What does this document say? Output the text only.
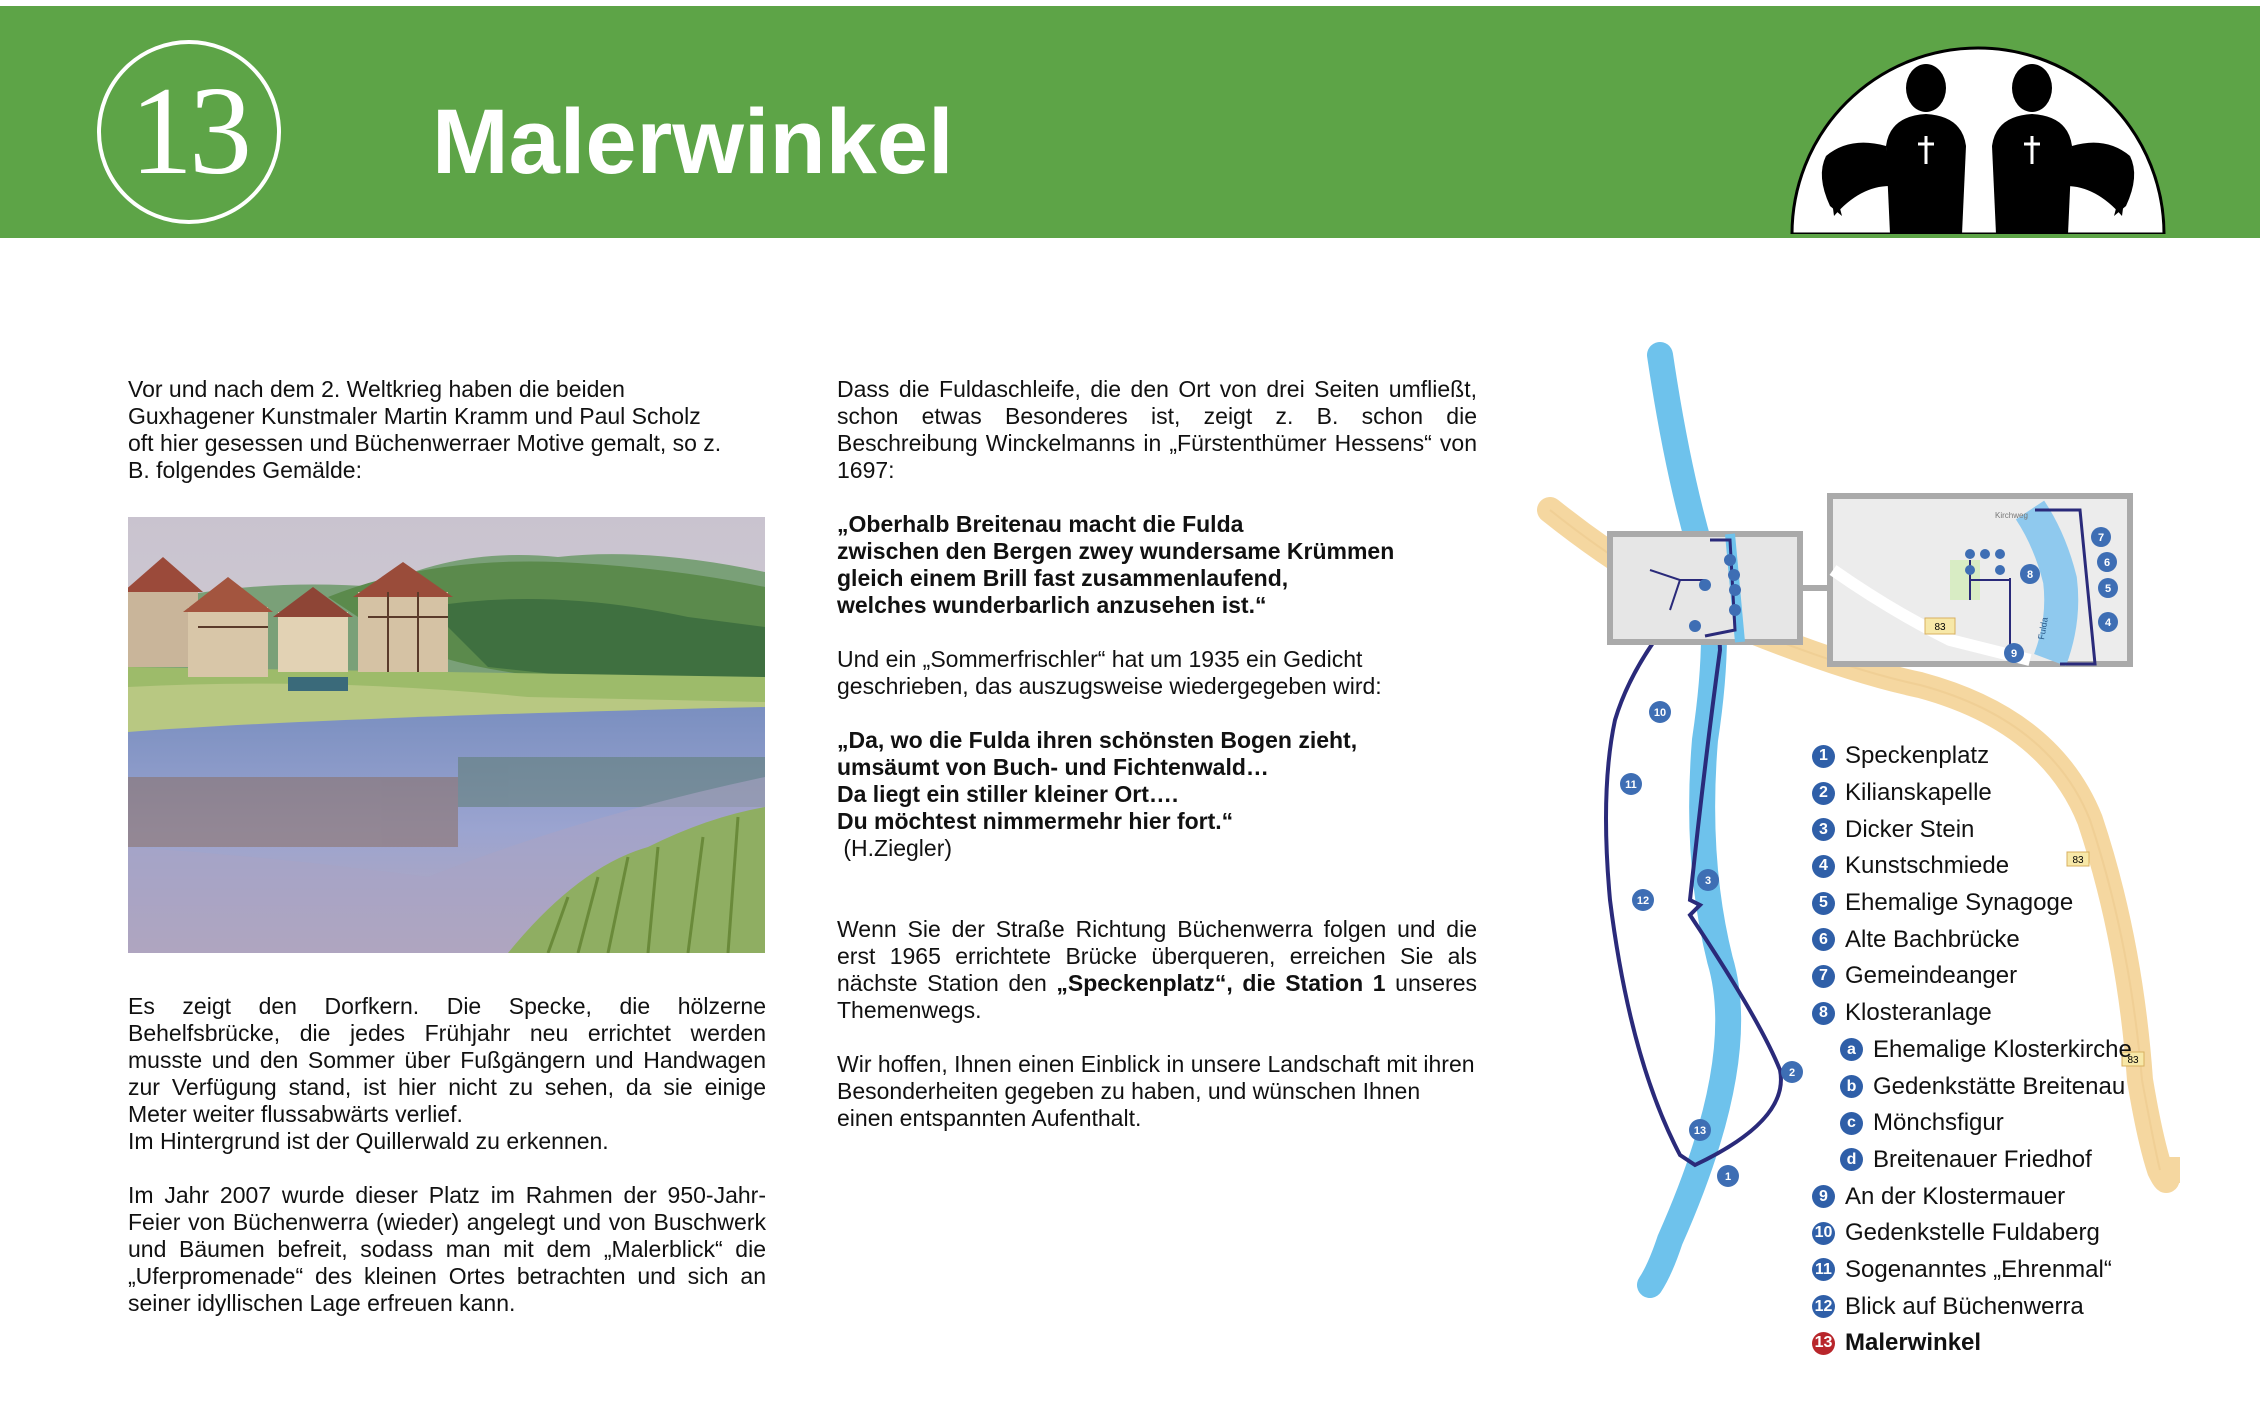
13	Malerwinkel

Vor und nach dem 2. Weltkrieg haben die beiden Guxhagener Kunstmaler Martin Kramm und Paul Scholz oft hier gesessen und Büchenwerraer Motive gemalt, so z. B. folgendes Gemälde:

Es zeigt den Dorfkern. Die Specke, die hölzerne Behelfsbrücke, die jedes Frühjahr neu errichtet werden musste und den Sommer über Fußgängern und Handwagen zur Verfügung stand, ist hier nicht zu sehen, da sie einige Meter weiter flussabwärts verlief.

Im Hintergrund ist der Quillerwald zu erkennen.

Im Jahr 2007 wurde dieser Platz im Rahmen der 950-Jahr-Feier von Büchenwerra (wieder) angelegt und von Buschwerk und Bäumen befreit, sodass man mit dem „Malerblick“ die „Uferpromenade“ des kleinen Ortes betrachten und sich an seiner idyllischen Lage erfreuen kann.

Dass die Fuldaschleife, die den Ort von drei Seiten umfließt, schon etwas Besonderes ist, zeigt z. B. schon die Beschreibung Winckelmanns in „Fürstenthümer Hessens“ von 1697:

„Oberhalb Breitenau macht die Fulda

zwischen den Bergen zwey wundersame Krümmen

gleich einem Brill fast zusammenlaufend,

welches wunderbarlich anzusehen ist.“

Und ein „Sommerfrischler“ hat um 1935 ein Gedicht geschrieben, das auszugsweise wiedergegeben wird:

„Da, wo die Fulda ihren schönsten Bogen zieht,

umsäumt von Buch- und Fichtenwald…

Da liegt ein stiller kleiner Ort….

Du möchtest nimmermehr hier fort.“

(H.Ziegler)

Wenn Sie der Straße Richtung Büchenwerra folgen und die erst 1965 errichtete Brücke überqueren, erreichen Sie als nächste Station den „Speckenplatz“, die Station 1 unseres Themenwegs.

Wir hoffen, Ihnen einen Einblick in unsere Landschaft mit ihren Besonderheiten gegeben zu haben, und wünschen Ihnen einen entspannten Aufenthalt.

83
83
10
11
12
3
2
13
1
Fulda
Kirchweg
83
7
6
5
4
8
9
1 Speckenplatz
2 Kilianskapelle
3 Dicker Stein
4 Kunstschmiede
5 Ehemalige Synagoge
6 Alte Bachbrücke
7 Gemeindeanger
8 Klosteranlage
a Ehemalige Klosterkirche
b Gedenkstätte Breitenau
c Mönchsfigur
d Breitenauer Friedhof
9 An der Klostermauer
10 Gedenkstelle Fuldaberg
11 Sogenanntes „Ehrenmal“
12 Blick auf Büchenwerra
13 Malerwinkel
